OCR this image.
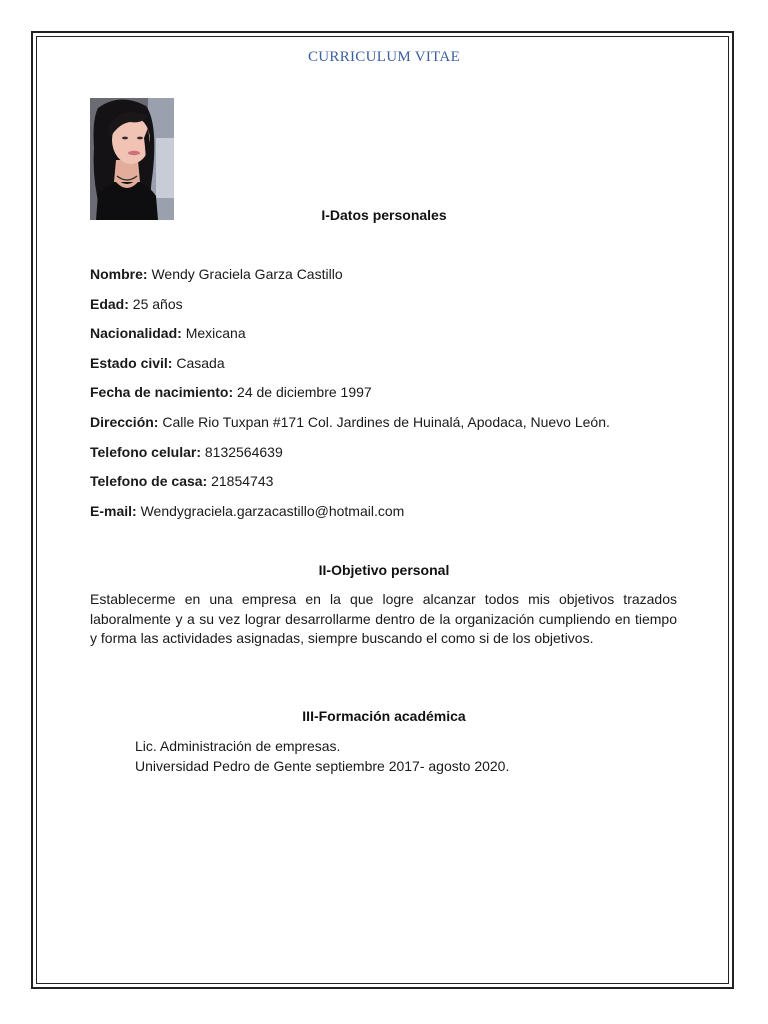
CURRICULUM VITAE
I-Datos personales
Nombre: Wendy Graciela Garza Castillo
Edad: 25 años
Nacionalidad: Mexicana
Estado civil: Casada
Fecha de nacimiento: 24 de diciembre 1997
Dirección: Calle Rio Tuxpan #171 Col. Jardines de Huinalá, Apodaca, Nuevo León.
Telefono celular: 8132564639
Telefono de casa: 21854743
E-mail: Wendygraciela.garzacastillo@hotmail.com
II-Objetivo personal
Establecerme en una empresa en la que logre alcanzar todos mis objetivos trazados laboralmente y a su vez lograr desarrollarme dentro de la organización cumpliendo en tiempo y forma las actividades asignadas, siempre buscando el como si de los objetivos.
III-Formación académica
Lic. Administración de empresas.
Universidad Pedro de Gente septiembre 2017- agosto 2020.
